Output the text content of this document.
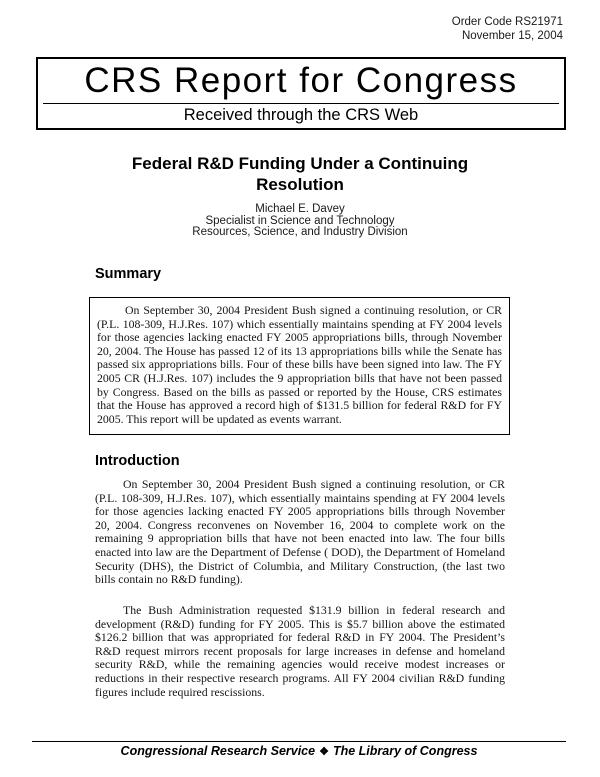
Order Code RS21971
November 15, 2004
CRS Report for Congress
Received through the CRS Web
Federal R&D Funding Under a Continuing Resolution
Michael E. Davey
Specialist in Science and Technology
Resources, Science, and Industry Division
Summary

On September 30, 2004 President Bush signed a continuing resolution, or CR (P.L. 108-309, H.J.Res. 107) which essentially maintains spending at FY 2004 levels for those agencies lacking enacted FY 2005 appropriations bills, through November 20, 2004. The House has passed 12 of its 13 appropriations bills while the Senate has passed six appropriations bills. Four of these bills have been signed into law. The FY 2005 CR (H.J.Res. 107) includes the 9 appropriation bills that have not been passed by Congress. Based on the bills as passed or reported by the House, CRS estimates that the House has approved a record high of $131.5 billion for federal R&D for FY 2005. This report will be updated as events warrant.

Introduction

On September 30, 2004 President Bush signed a continuing resolution, or CR (P.L. 108-309, H.J.Res. 107), which essentially maintains spending at FY 2004 levels for those agencies lacking enacted FY 2005 appropriations bills through November 20, 2004. Congress reconvenes on November 16, 2004 to complete work on the remaining 9 appropriation bills that have not been enacted into law. The four bills enacted into law are the Department of Defense ( DOD), the Department of Homeland Security (DHS), the District of Columbia, and Military Construction, (the last two bills contain no R&D funding).

The Bush Administration requested $131.9 billion in federal research and development (R&D) funding for FY 2005. This is $5.7 billion above the estimated $126.2 billion that was appropriated for federal R&D in FY 2004. The President’s R&D request mirrors recent proposals for large increases in defense and homeland security R&D, while the remaining agencies would receive modest increases or reductions in their respective research programs. All FY 2004 civilian R&D funding figures include required rescissions.

Congressional Research Service ❖ The Library of Congress
